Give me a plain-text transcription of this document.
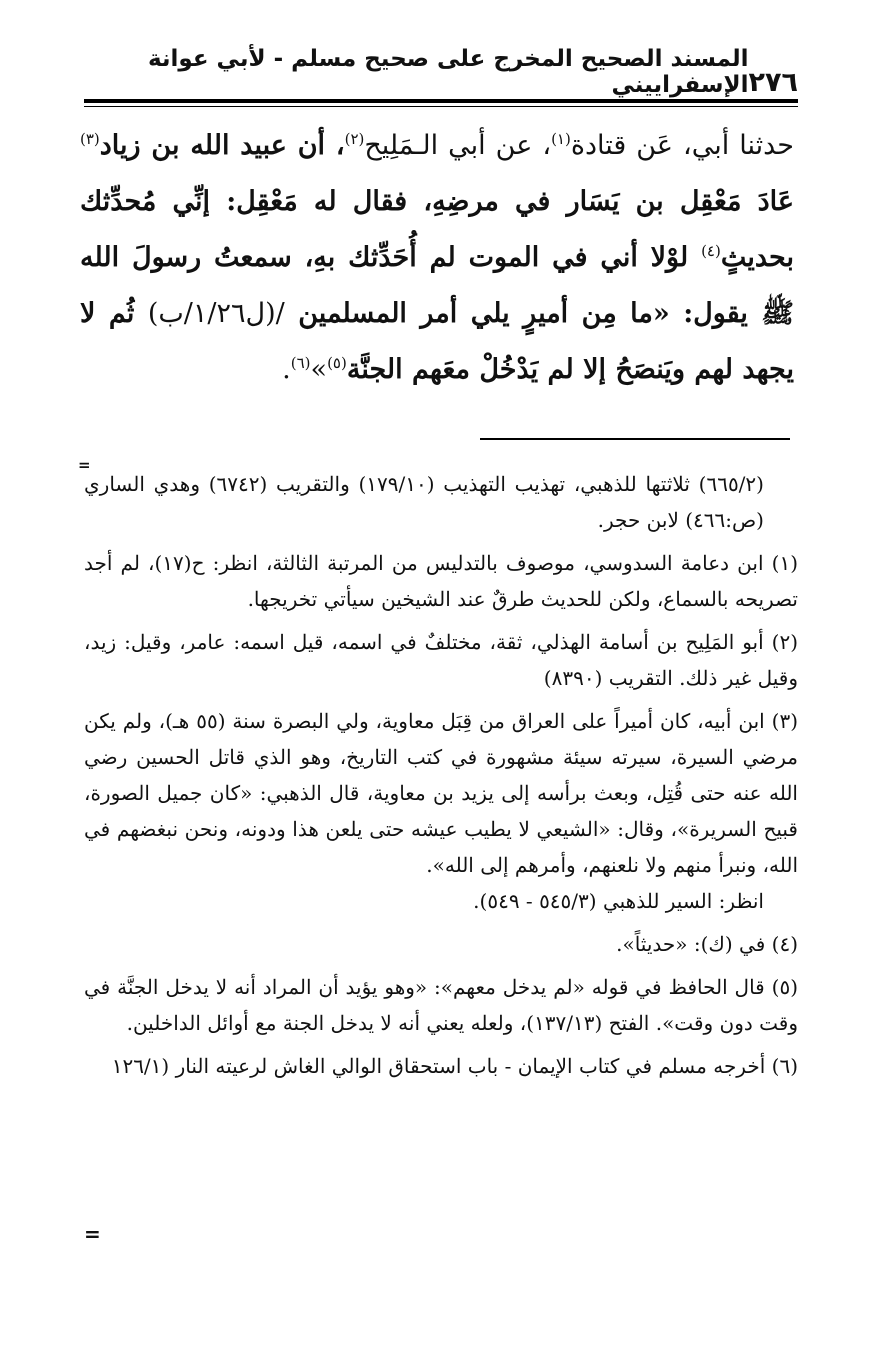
٢٧٦
المسند الصحيح المخرج على صحيح مسلم - لأبي عوانة الإسفراييني

حدثنا أبي، عَن قتادة$^{(١)}$، عن أبي الـمَلِيح$^{(٢)}$، أن عبيد الله بن زياد$^{(٣)}$ عَادَ مَعْقِل بن يَسَار في مرضِهِ، فقال له مَعْقِل: إنِّي مُحدِّثك بحديثٍ$^{(٤)}$ لوْلا أني في الموت لم أُحَدِّثك بهِ، سمعتُ رسولَ الله ﷺ يقول: «ما مِن أميرٍ يلي أمر المسلمين /(ل١/٢٦/ب) ثُم لا يجهد لهم ويَنصَحُ إلا لم يَدْخُلْ معَهم الجنَّة$^{(٥)}$»$^{(٦)}$.

=

(٦٦٥/٢) ثلاثتها للذهبي، تهذيب التهذيب (١٧٩/١٠) والتقريب (٦٧٤٢) وهدي الساري (ص:٤٦٦) لابن حجر.

(١) ابن دعامة السدوسي، موصوف بالتدليس من المرتبة الثالثة، انظر: ح(١٧)، لم أجد تصريحه بالسماع، ولكن للحديث طرقٌ عند الشيخين سيأتي تخريجها.

(٢) أبو المَلِيح بن أسامة الهذلي، ثقة، مختلفٌ في اسمه، قيل اسمه: عامر، وقيل: زيد، وقيل غير ذلك. التقريب (٨٣٩٠)

(٣) ابن أبيه، كان أميراً على العراق من قِبَل معاوية، ولي البصرة سنة (٥٥ هـ)، ولم يكن مرضي السيرة، سيرته سيئة مشهورة في كتب التاريخ، وهو الذي قاتل الحسين رضي الله عنه حتى قُتِل، وبعث برأسه إلى يزيد بن معاوية، قال الذهبي: «كان جميل الصورة، قبيح السريرة»، وقال: «الشيعي لا يطيب عيشه حتى يلعن هذا ودونه، ونحن نبغضهم في الله، ونبرأ منهم ولا نلعنهم، وأمرهم إلى الله».
انظر: السير للذهبي (٥٤٥/٣ - ٥٤٩).

(٤) في (ك): «حديثاً».

(٥) قال الحافظ في قوله «لم يدخل معهم»: «وهو يؤيد أن المراد أنه لا يدخل الجنَّة في وقت دون وقت». الفتح (١٣٧/١٣)، ولعله يعني أنه لا يدخل الجنة مع أوائل الداخلين.

(٦) أخرجه مسلم في كتاب الإيمان - باب استحقاق الوالي الغاش لرعيته النار (١٢٦/١

=
